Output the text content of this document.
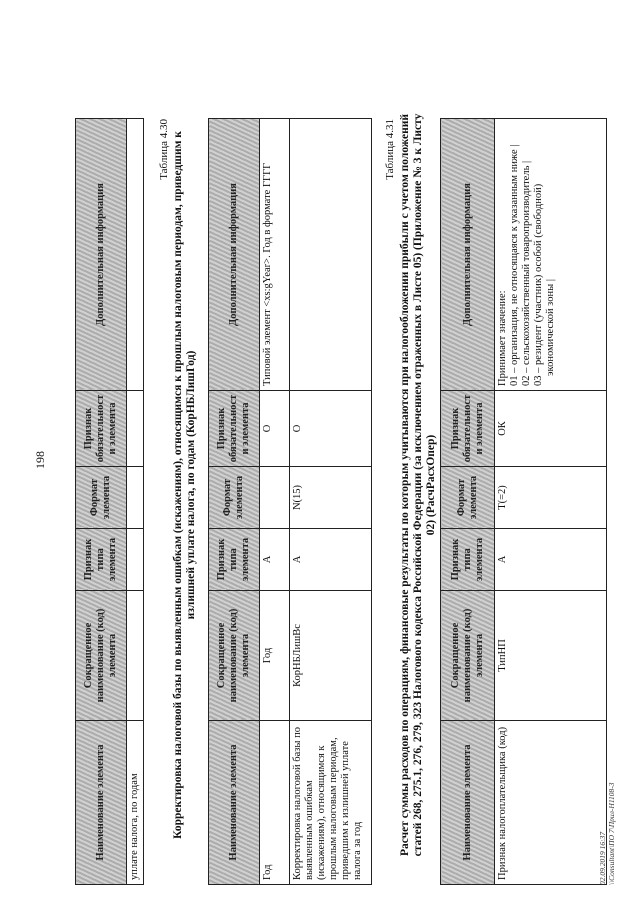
198
Наименование элемента	Сокращенное наименование (код) элемента	Признак типа элемента	Формат элемента	Признак обязательности элемента	Дополнительная информация
уплате налога, по годам					
Таблица 4.30 Корректировка налоговой базы по выявленным ошибкам (искажениям), относящимся к прошлым налоговым периодам, приведшим к излишней уплате налога, по годам (КорНБЛишГод)
Наименование элемента	Сокращенное наименование (код) элемента	Признак типа элемента	Формат элемента	Признак обязательности элемента	Дополнительная информация
Год	Год	А		О	Типовой элемент <xs:gYear>. Год в формате ГГГГ
Корректировка налоговой базы по выявленным ошибкам (искажениям), относящимся к прошлым налоговым периодам, приведшим к излишней уплате налога за год	КорНБЛишВс	А	N(15)	О	
Таблица 4.31 Расчет суммы расходов по операциям, финансовые результаты по которым учитываются при налогообложении прибыли с учетом положений статей 268, 275.1, 276, 279, 323 Налогового кодекса Российской Федерации (за исключением отраженных в Листе 05) (Приложение № 3 к Листу 02) (РасчРасхОпер)
Наименование элемента	Сокращенное наименование (код) элемента	Признак типа элемента	Формат элемента	Признак обязательности элемента	Дополнительная информация
Признак налогоплательщика (код)	ТипНП	А	T(=2)	ОК	Принимает значение: 01 – организация, не относящаяся к указанным ниже | 02 – сельскохозяйственный товаропроизводитель | 03 – резидент (участник) особой (свободной) экономической зоны |
02.09.2019 16:37 \\Consultant\ПО 7\Прил-Н1108-3
